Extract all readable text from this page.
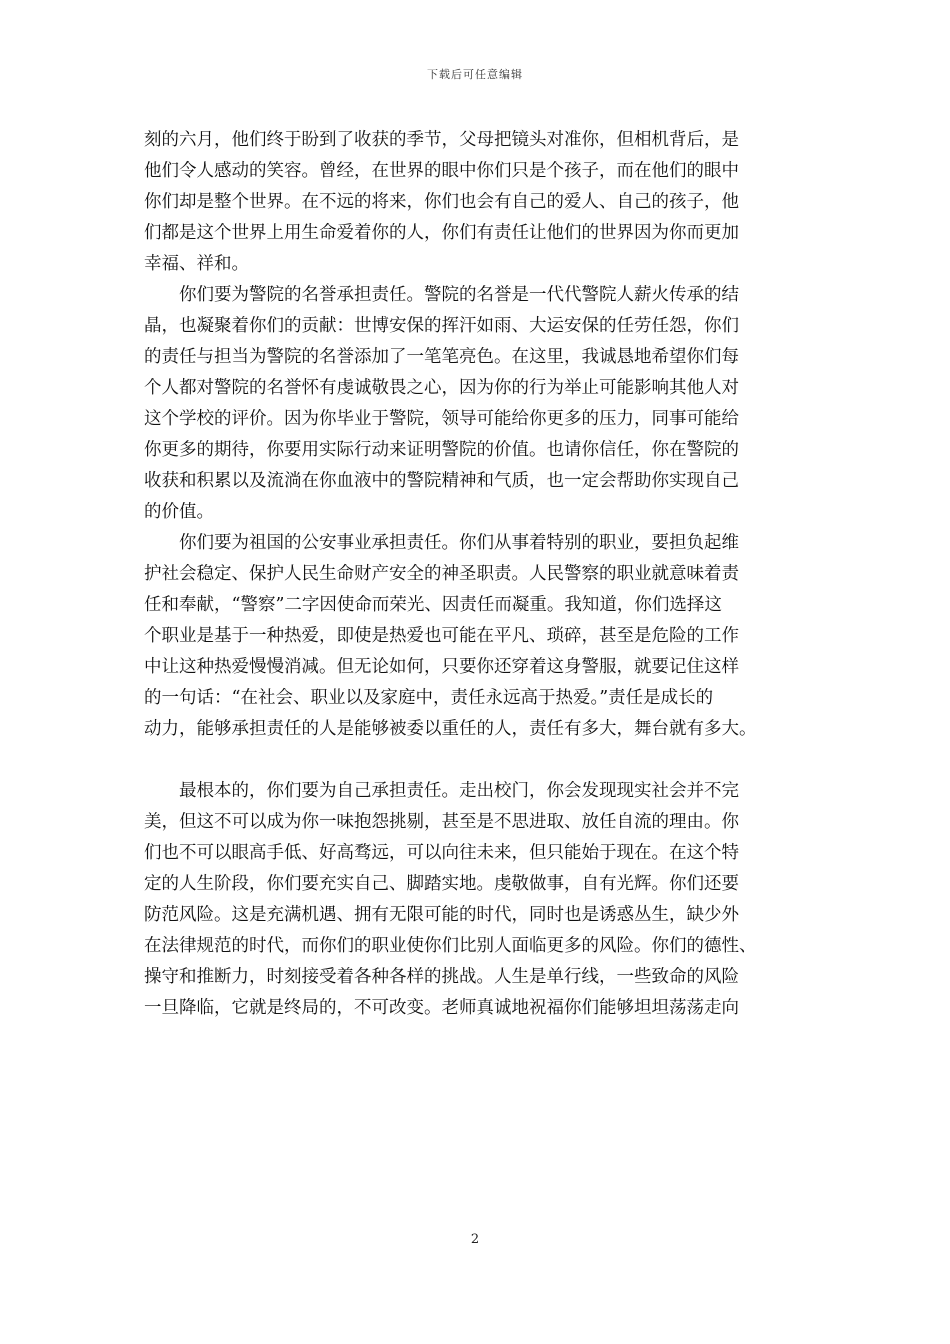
下载后可任意编辑
刻的六月，他们终于盼到了收获的季节，父母把镜头对准你，但相机背后，是
他们令人感动的笑容。曾经，在世界的眼中你们只是个孩子，而在他们的眼中
你们却是整个世界。在不远的将来，你们也会有自己的爱人、自己的孩子，他
们都是这个世界上用生命爱着你的人，你们有责任让他们的世界因为你而更加
幸福、祥和。
你们要为警院的名誉承担责任。警院的名誉是一代代警院人薪火传承的结
晶，也凝聚着你们的贡献：世博安保的挥汗如雨、大运安保的任劳任怨，你们
的责任与担当为警院的名誉添加了一笔笔亮色。在这里，我诚恳地希望你们每
个人都对警院的名誉怀有虔诚敬畏之心，因为你的行为举止可能影响其他人对
这个学校的评价。因为你毕业于警院，领导可能给你更多的压力，同事可能给
你更多的期待，你要用实际行动来证明警院的价值。也请你信任，你在警院的
收获和积累以及流淌在你血液中的警院精神和气质，也一定会帮助你实现自己
的价值。
你们要为祖国的公安事业承担责任。你们从事着特别的职业，要担负起维
护社会稳定、保护人民生命财产安全的神圣职责。人民警察的职业就意味着责
任和奉献，“警察”二字因使命而荣光、因责任而凝重。我知道，你们选择这
个职业是基于一种热爱，即使是热爱也可能在平凡、琐碎，甚至是危险的工作
中让这种热爱慢慢消减。但无论如何，只要你还穿着这身警服，就要记住这样
的一句话：“在社会、职业以及家庭中，责任永远高于热爱。”责任是成长的
动力，能够承担责任的人是能够被委以重任的人，责任有多大，舞台就有多大。
最根本的，你们要为自己承担责任。走出校门，你会发现现实社会并不完
美，但这不可以成为你一味抱怨挑剔，甚至是不思进取、放任自流的理由。你
们也不可以眼高手低、好高骛远，可以向往未来，但只能始于现在。在这个特
定的人生阶段，你们要充实自己、脚踏实地。虔敬做事，自有光辉。你们还要
防范风险。这是充满机遇、拥有无限可能的时代，同时也是诱惑丛生，缺少外
在法律规范的时代，而你们的职业使你们比别人面临更多的风险。你们的德性、
操守和推断力，时刻接受着各种各样的挑战。人生是单行线，一些致命的风险
一旦降临，它就是终局的，不可改变。老师真诚地祝福你们能够坦坦荡荡走向
2
